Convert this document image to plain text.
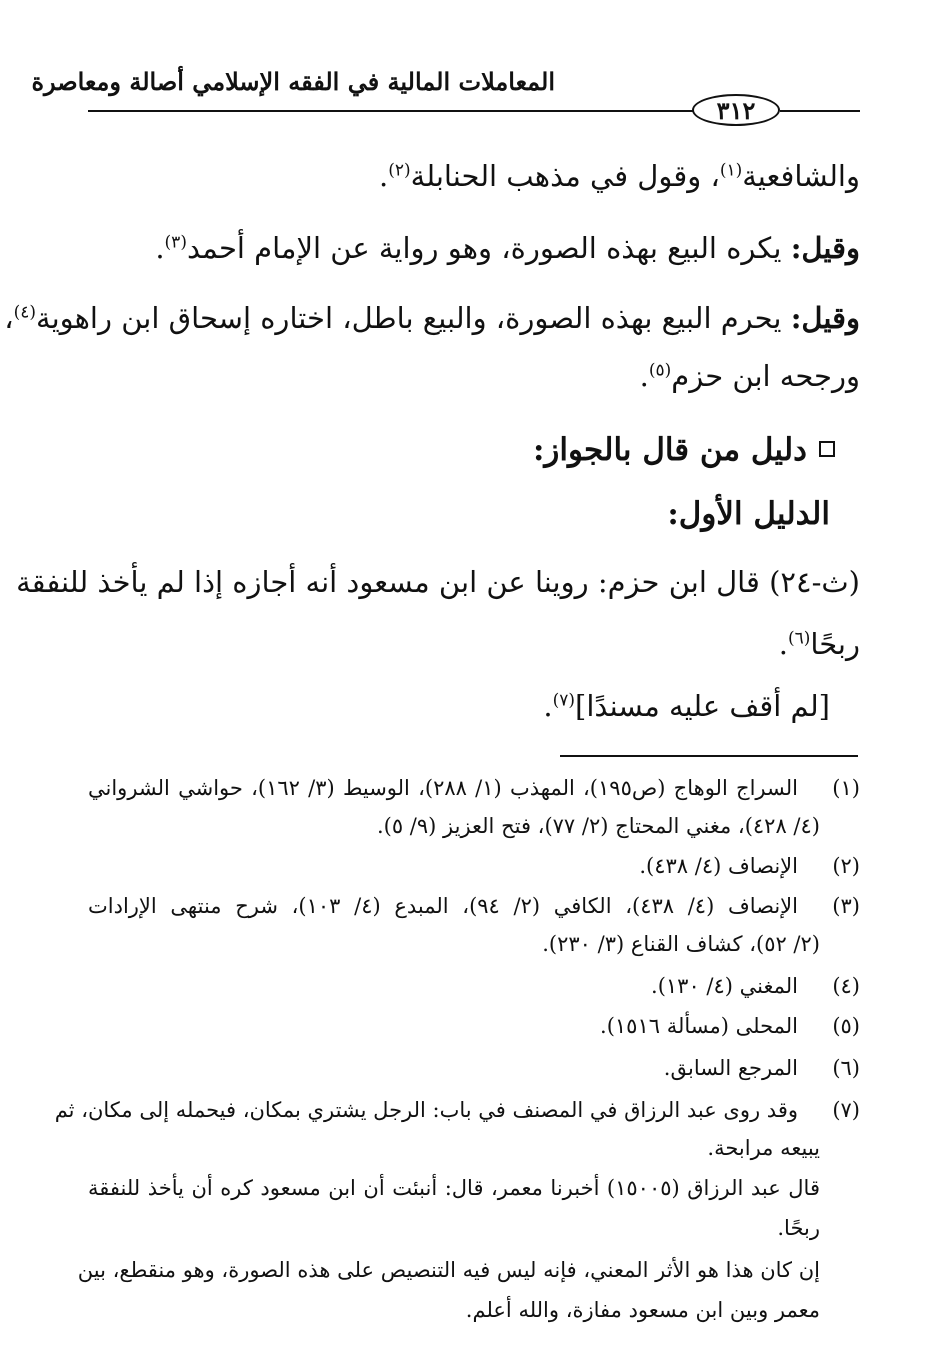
المعاملات المالية في الفقه الإسلامي أصالة ومعاصرة
٣١٢
والشافعية$^{(١)}$، وقول في مذهب الحنابلة$^{(٢)}$.
وقيل: يكره البيع بهذه الصورة، وهو رواية عن الإمام أحمد$^{(٣)}$.
وقيل: يحرم البيع بهذه الصورة، والبيع باطل، اختاره إسحاق ابن راهوية$^{(٤)}$،
ورجحه ابن حزم$^{(٥)}$.
دليل من قال بالجواز:
الدليل الأول:
(ث-٢٤) قال ابن حزم: روينا عن ابن مسعود أنه أجازه إذا لم يأخذ للنفقة
ربحًا$^{(٦)}$.
[لم أقف عليه مسندًا]$^{(٧)}$.
(١)السراج الوهاج (ص١٩٥)، المهذب (١/ ٢٨٨)، الوسيط (٣/ ١٦٢)، حواشي الشرواني
(٤/ ٤٢٨)، مغني المحتاج (٢/ ٧٧)، فتح العزيز (٩/ ٥).
(٢)الإنصاف (٤/ ٤٣٨).
(٣)الإنصاف (٤/ ٤٣٨)، الكافي (٢/ ٩٤)، المبدع (٤/ ١٠٣)، شرح منتهى الإرادات
(٢/ ٥٢)، كشاف القناع (٣/ ٢٣٠).
(٤)المغني (٤/ ١٣٠).
(٥)المحلى (مسألة ١٥١٦).
(٦)المرجع السابق.
(٧)وقد روى عبد الرزاق في المصنف في باب: الرجل يشتري بمكان، فيحمله إلى مكان، ثم
يبيعه مرابحة.
قال عبد الرزاق (١٥٠٠٥) أخبرنا معمر، قال: أنبئت أن ابن مسعود كره أن يأخذ للنفقة
ربحًا.
إن كان هذا هو الأثر المعني، فإنه ليس فيه التنصيص على هذه الصورة، وهو منقطع، بين
معمر وبين ابن مسعود مفازة، والله أعلم.
